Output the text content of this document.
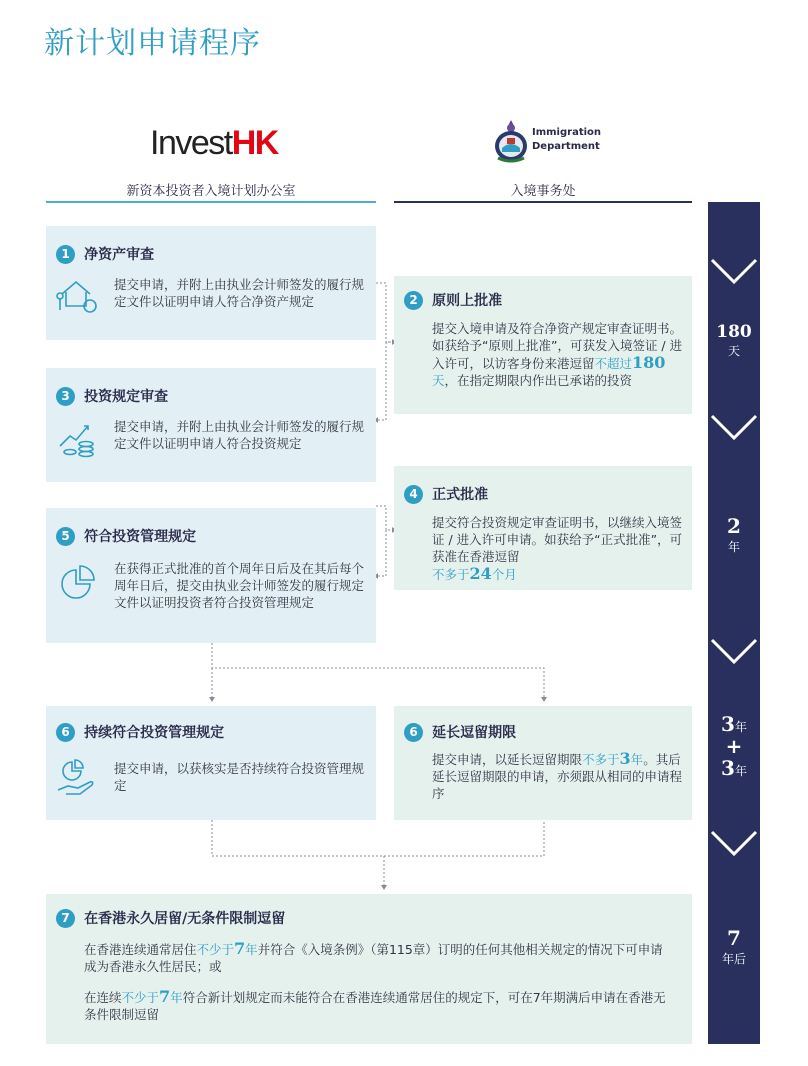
新计划申请程序
InvestHK	Immigration
Department
新资本投资者入境计划办公室	入境事务处
1 净资产审查
提交申请，并附上由执业会计师签发的履行规定文件以证明申请人符合净资产规定	2 原则上批准
提交入境申请及符合净资产规定审查证明书。如获给予“原则上批准”，可获发入境签证 / 进入许可，以访客身份来港逗留不超过180天，在指定期限内作出已承诺的投资
3 投资规定审查
提交申请，并附上由执业会计师签发的履行规定文件以证明申请人符合投资规定
4 正式批准
提交符合投资规定审查证明书，以继续入境签证 / 进入许可申请。如获给予“正式批准”，可获准在香港逗留
不多于24个月
5 符合投资管理规定
在获得正式批准的首个周年日后及在其后每个周年日后，提交由执业会计师签发的履行规定文件以证明投资者符合投资管理规定
6 持续符合投资管理规定
提交申请，以获核实是否持续符合投资管理规定
6 延长逗留期限
提交申请，以延长逗留期限不多于3年。其后延长逗留期限的申请，亦须跟从相同的申请程序
7 在香港永久居留/无条件限制逗留
在香港连续通常居住不少于7年并符合《入境条例》（第115章）订明的任何其他相关规定的情况下可申请成为香港永久性居民；或
在连续不少于7年符合新计划规定而未能符合在香港连续通常居住的规定下，可在7年期满后申请在香港无条件限制逗留
180
天
2
年
3年
+
3年
7
年后
